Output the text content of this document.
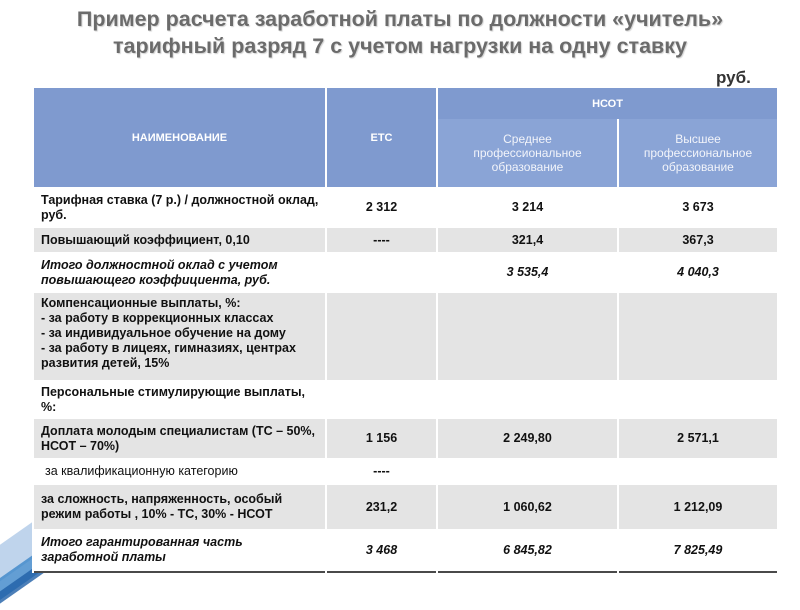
Пример расчета заработной платы по должности «учитель»
тарифный разряд 7 с учетом нагрузки на одну ставку
руб.
НАИМЕНОВАНИЕ	ЕТС	НСОТ	
		Среднее профессиональное образование	Высшее профессиональное образование
Тарифная ставка (7 р.) / должностной оклад, руб.	2 312	3 214	3 673
Повышающий коэффициент, 0,10	----	321,4	367,3
Итого должностной оклад с учетом повышающего коэффициента, руб.		3 535,4	4 040,3
Компенсационные выплаты, %:
- за работу в коррекционных классах
- за индивидуальное обучение на дому
- за работу в лицеях, гимназиях, центрах развития детей, 15%			
Персональные стимулирующие выплаты, %:			
Доплата молодым специалистам (ТС – 50%, НСОТ – 70%)	1 156	2 249,80	2 571,1
за квалификационную категорию	----		
за сложность, напряженность, особый режим работы , 10% - ТС, 30% - НСОТ	231,2	1 060,62	1 212,09
Итого гарантированная часть заработной платы	3 468	6 845,82	7 825,49
